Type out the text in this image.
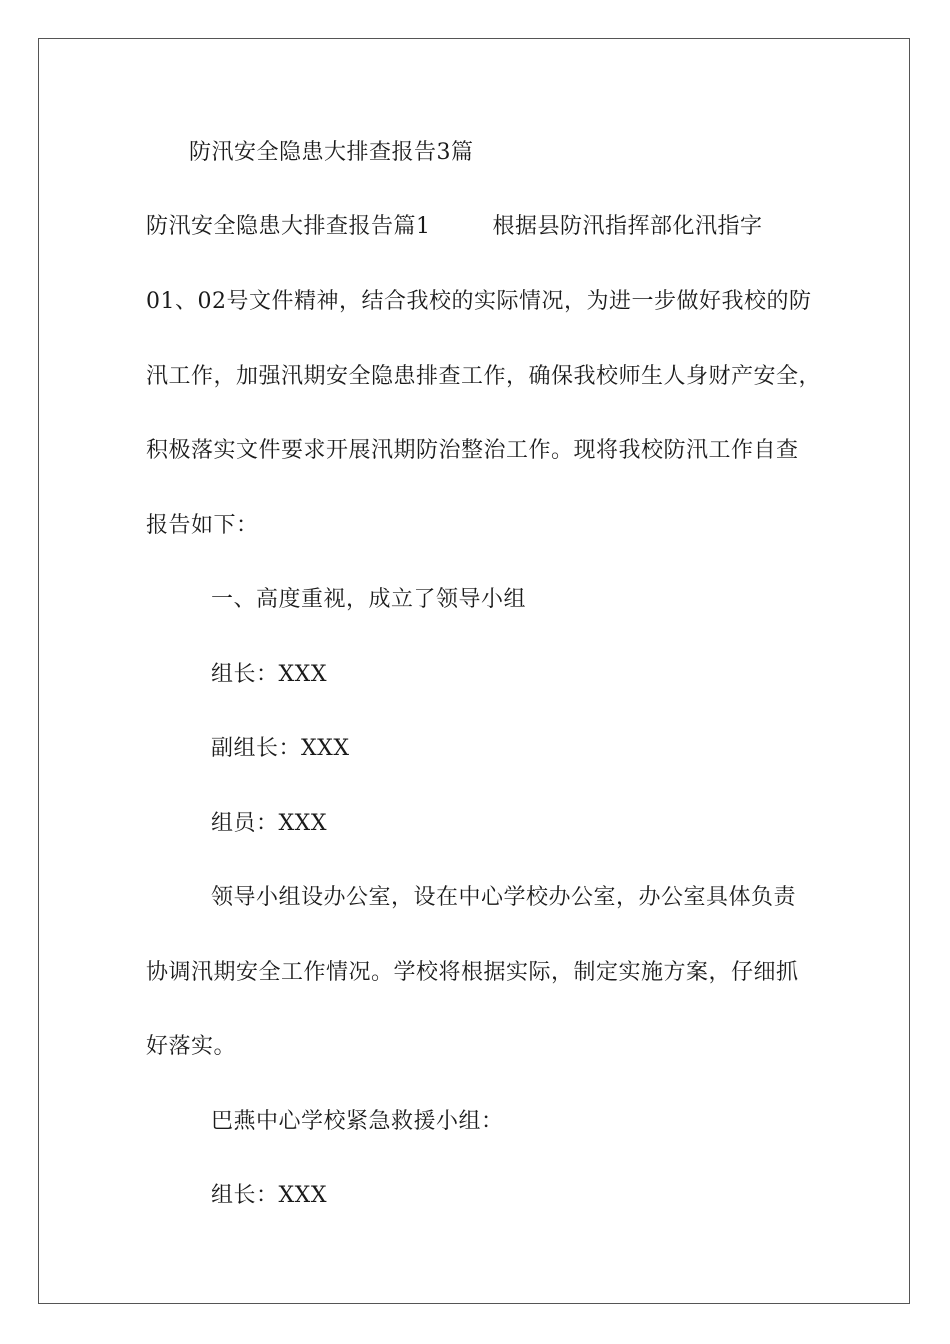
防汛安全隐患大排查报告3篇
防汛安全隐患大排查报告篇1	根据县防汛指挥部化汛指字
01、02号文件精神，结合我校的实际情况，为进一步做好我校的防
汛工作，加强汛期安全隐患排查工作，确保我校师生人身财产安全，
积极落实文件要求开展汛期防治整治工作。现将我校防汛工作自查
报告如下：
一、高度重视，成立了领导小组
组长：XXX
副组长：XXX
组员：XXX
领导小组设办公室，设在中心学校办公室，办公室具体负责
协调汛期安全工作情况。学校将根据实际，制定实施方案，仔细抓
好落实。
巴燕中心学校紧急救援小组：
组长：XXX
